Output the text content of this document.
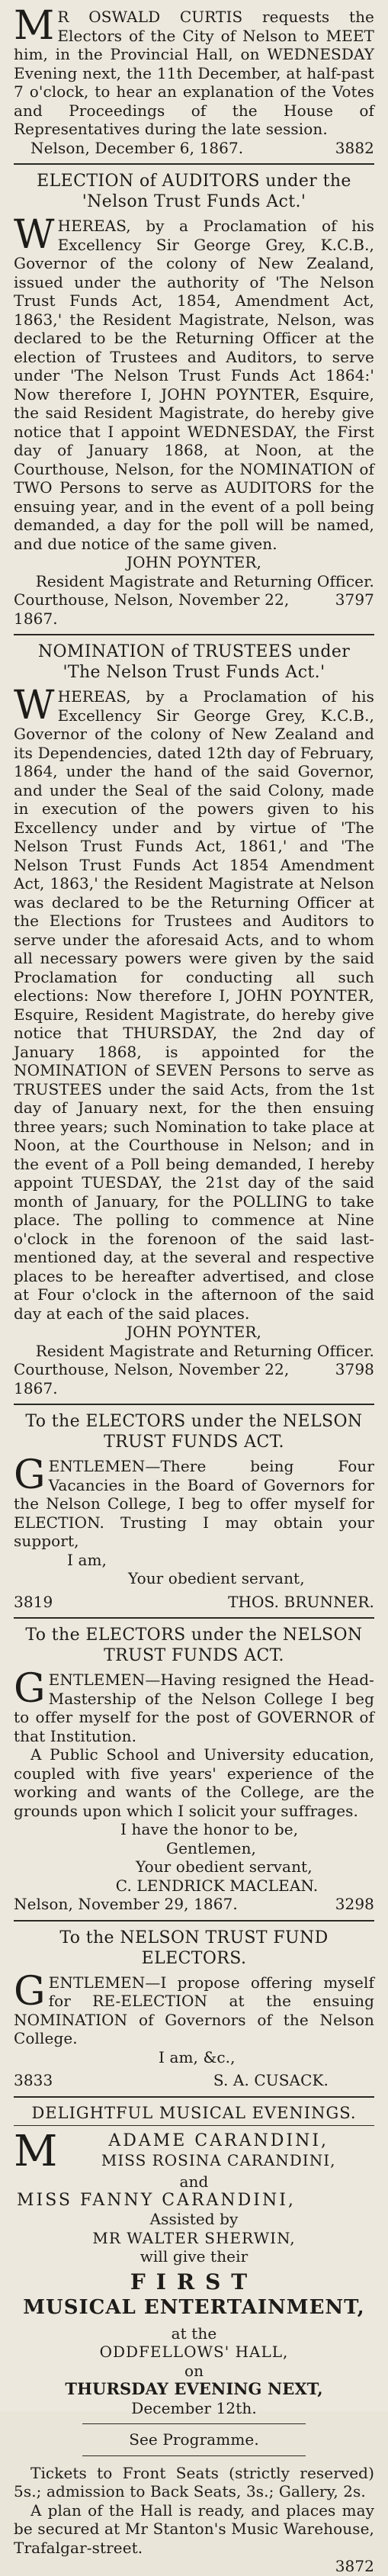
M R OSWALD CURTIS requests the Electors of the City of Nelson to MEET him, in the Provincial Hall, on WEDNESDAY Evening next, the 11th December, at half-past 7 o'clock, to hear an explanation of the Votes and Proceedings of the House of Representatives during the late session.

Nelson, December 6, 1867.	3882
ELECTION of AUDITORS under the
'Nelson Trust Funds Act.'

W HEREAS, by a Proclamation of his Excellency Sir George Grey, K.C.B., Governor of the colony of New Zealand, issued under the authority of 'The Nelson Trust Funds Act, 1854, Amendment Act, 1863,' the Resident Magistrate, Nelson, was declared to be the Returning Officer at the election of Trustees and Auditors, to serve under 'The Nelson Trust Funds Act 1864:' Now therefore I, JOHN POYNTER, Esquire, the said Resident Magistrate, do hereby give notice that I appoint WEDNESDAY, the First day of January 1868, at Noon, at the Courthouse, Nelson, for the NOMINATION of TWO Persons to serve as AUDITORS for the ensuing year, and in the event of a poll being demanded, a day for the poll will be named, and due notice of the same given.

JOHN POYNTER,
Resident Magistrate and Returning Officer.
Courthouse, Nelson, November 22, 1867.
3797
NOMINATION of TRUSTEES under
'The Nelson Trust Funds Act.'

W HEREAS, by a Proclamation of his Excellency Sir George Grey, K.C.B., Governor of the colony of New Zealand and its Dependencies, dated 12th day of February, 1864, under the hand of the said Governor, and under the Seal of the said Colony, made in execution of the powers given to his Excellency under and by virtue of 'The Nelson Trust Funds Act, 1861,' and 'The Nelson Trust Funds Act 1854 Amendment Act, 1863,' the Resident Magistrate at Nelson was declared to be the Returning Officer at the Elections for Trustees and Auditors to serve under the aforesaid Acts, and to whom all necessary powers were given by the said Proclamation for conducting all such elections: Now therefore I, JOHN POYNTER, Esquire, Resident Magistrate, do hereby give notice that THURSDAY, the 2nd day of January 1868, is appointed for the NOMINATION of SEVEN Persons to serve as TRUSTEES under the said Acts, from the 1st day of January next, for the then ensuing three years; such Nomination to take place at Noon, at the Courthouse in Nelson; and in the event of a Poll being demanded, I hereby appoint TUESDAY, the 21st day of the said month of January, for the POLLING to take place. The polling to commence at Nine o'clock in the forenoon of the said last-mentioned day, at the several and respective places to be hereafter advertised, and close at Four o'clock in the afternoon of the said day at each of the said places.

JOHN POYNTER,
Resident Magistrate and Returning Officer.
Courthouse, Nelson, November 22, 1867.
3798
To the ELECTORS under the NELSON
TRUST FUNDS ACT.

G ENTLEMEN—There being Four Vacancies in the Board of Governors for the Nelson College, I beg to offer myself for ELECTION. Trusting I may obtain your support,

I am,
Your obedient servant,
3819	THOS. BRUNNER.
To the ELECTORS under the NELSON
TRUST FUNDS ACT.

G ENTLEMEN—Having resigned the Head-Mastership of the Nelson College I beg to offer myself for the post of GOVERNOR of that Institution.

A Public School and University education, coupled with five years' experience of the working and wants of the College, are the grounds upon which I solicit your suffrages.

I have the honor to be,
Gentlemen,
Your obedient servant,
C. LENDRICK MACLEAN.
Nelson, November 29, 1867.	3298
To the NELSON TRUST FUND
ELECTORS.

G ENTLEMEN—I propose offering myself for RE-ELECTION at the ensuing NOMINATION of Governors of the Nelson College.

I am, &c.,
3833	S. A. CUSACK.
DELIGHTFUL MUSICAL EVENINGS.
M	ADAME CARANDINI,
MISS ROSINA CARANDINI,
and
MISS FANNY CARANDINI,
Assisted by
MR WALTER SHERWIN,
will give their
FIRST
MUSICAL ENTERTAINMENT,
at the
ODDFELLOWS' HALL,
on
THURSDAY EVENING NEXT,
December 12th.
See Programme.

Tickets to Front Seats (strictly reserved) 5s.; admission to Back Seats, 3s.; Gallery, 2s.

A plan of the Hall is ready, and places may be secured at Mr Stanton's Music Warehouse, Trafalgar-street.

3872
